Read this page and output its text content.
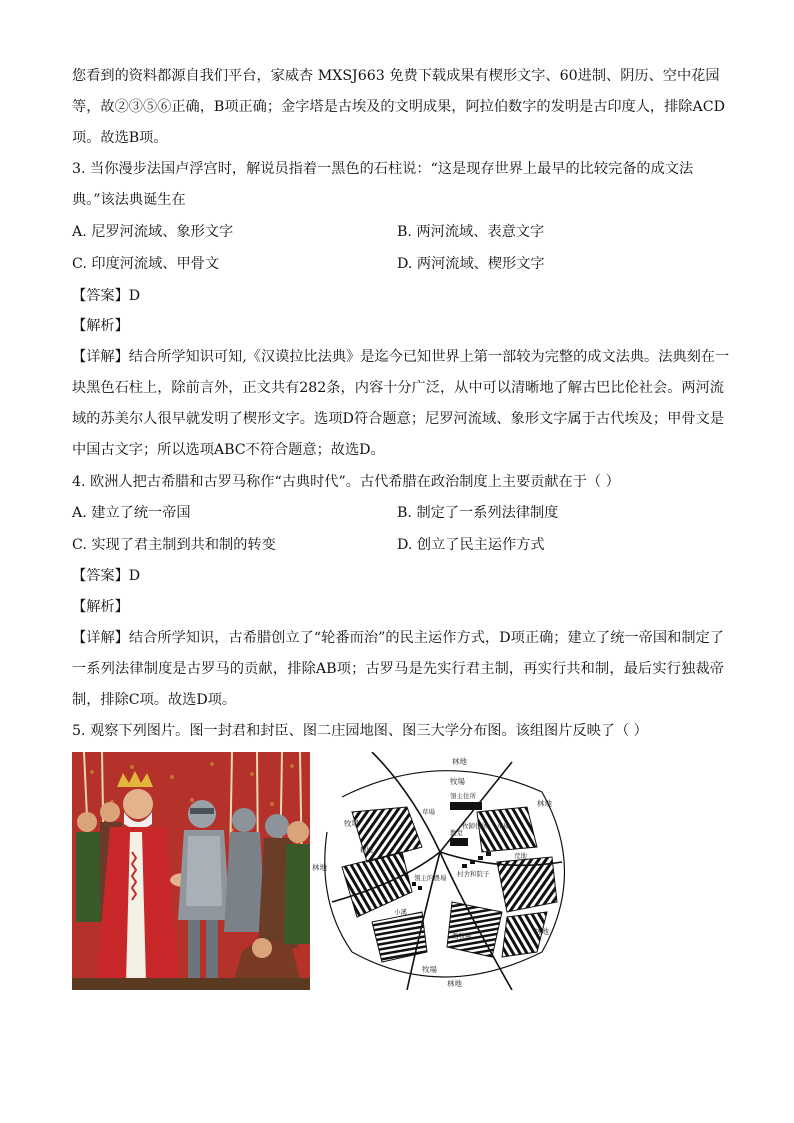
您看到的资料都源自我们平台，家威杏 MXSJ663 免费下载成果有楔形文字、60进制、阴历、空中花园
等，故②③⑤⑥正确，B项正确；金字塔是古埃及的文明成果，阿拉伯数字的发明是古印度人，排除ACD
项。故选B项。
3. 当你漫步法国卢浮宫时，解说员指着一黑色的石柱说：“这是现存世界上最早的比较完备的成文法
典。”该法典诞生在
A. 尼罗河流域、象形文字	B. 两河流域、表意文字
C. 印度河流域、甲骨文	D. 两河流域、楔形文字
【答案】D
【解析】
【详解】结合所学知识可知,《汉谟拉比法典》是迄今已知世界上第一部较为完整的成文法典。法典刻在一
块黑色石柱上，除前言外，正文共有282条，内容十分广泛，从中可以清晰地了解古巴比伦社会。两河流
域的苏美尔人很早就发明了楔形文字。选项D符合题意；尼罗河流域、象形文字属于古代埃及；甲骨文是
中国古文字；所以选项ABC不符合题意；故选D。
4. 欧洲人把古希腊和古罗马称作“古典时代”。古代希腊在政治制度上主要贡献在于（ ）
A. 建立了统一帝国	B. 制定了一系列法律制度
C. 实现了君主制到共和制的转变	D. 创立了民主运作方式
【答案】D
【解析】
【详解】结合所学知识，古希腊创立了“轮番而治”的民主运作方式，D项正确；建立了统一帝国和制定了
一系列法律制度是古罗马的贡献，排除AB项；古罗马是先实行君主制，再实行共和制，最后实行独裁帝
制，排除C项。故选D项。
5. 观察下列图片。图一封君和封臣、图二庄园地图、图三大学分布图。该组图片反映了（ ）
林地
林地
林地
林地
林地
牧場
牧場
牧場
領主住所
牧師住所
教堂
草場
草場
村舍和院子
領主的農場
小溪
西牧場
耕地
荒地
